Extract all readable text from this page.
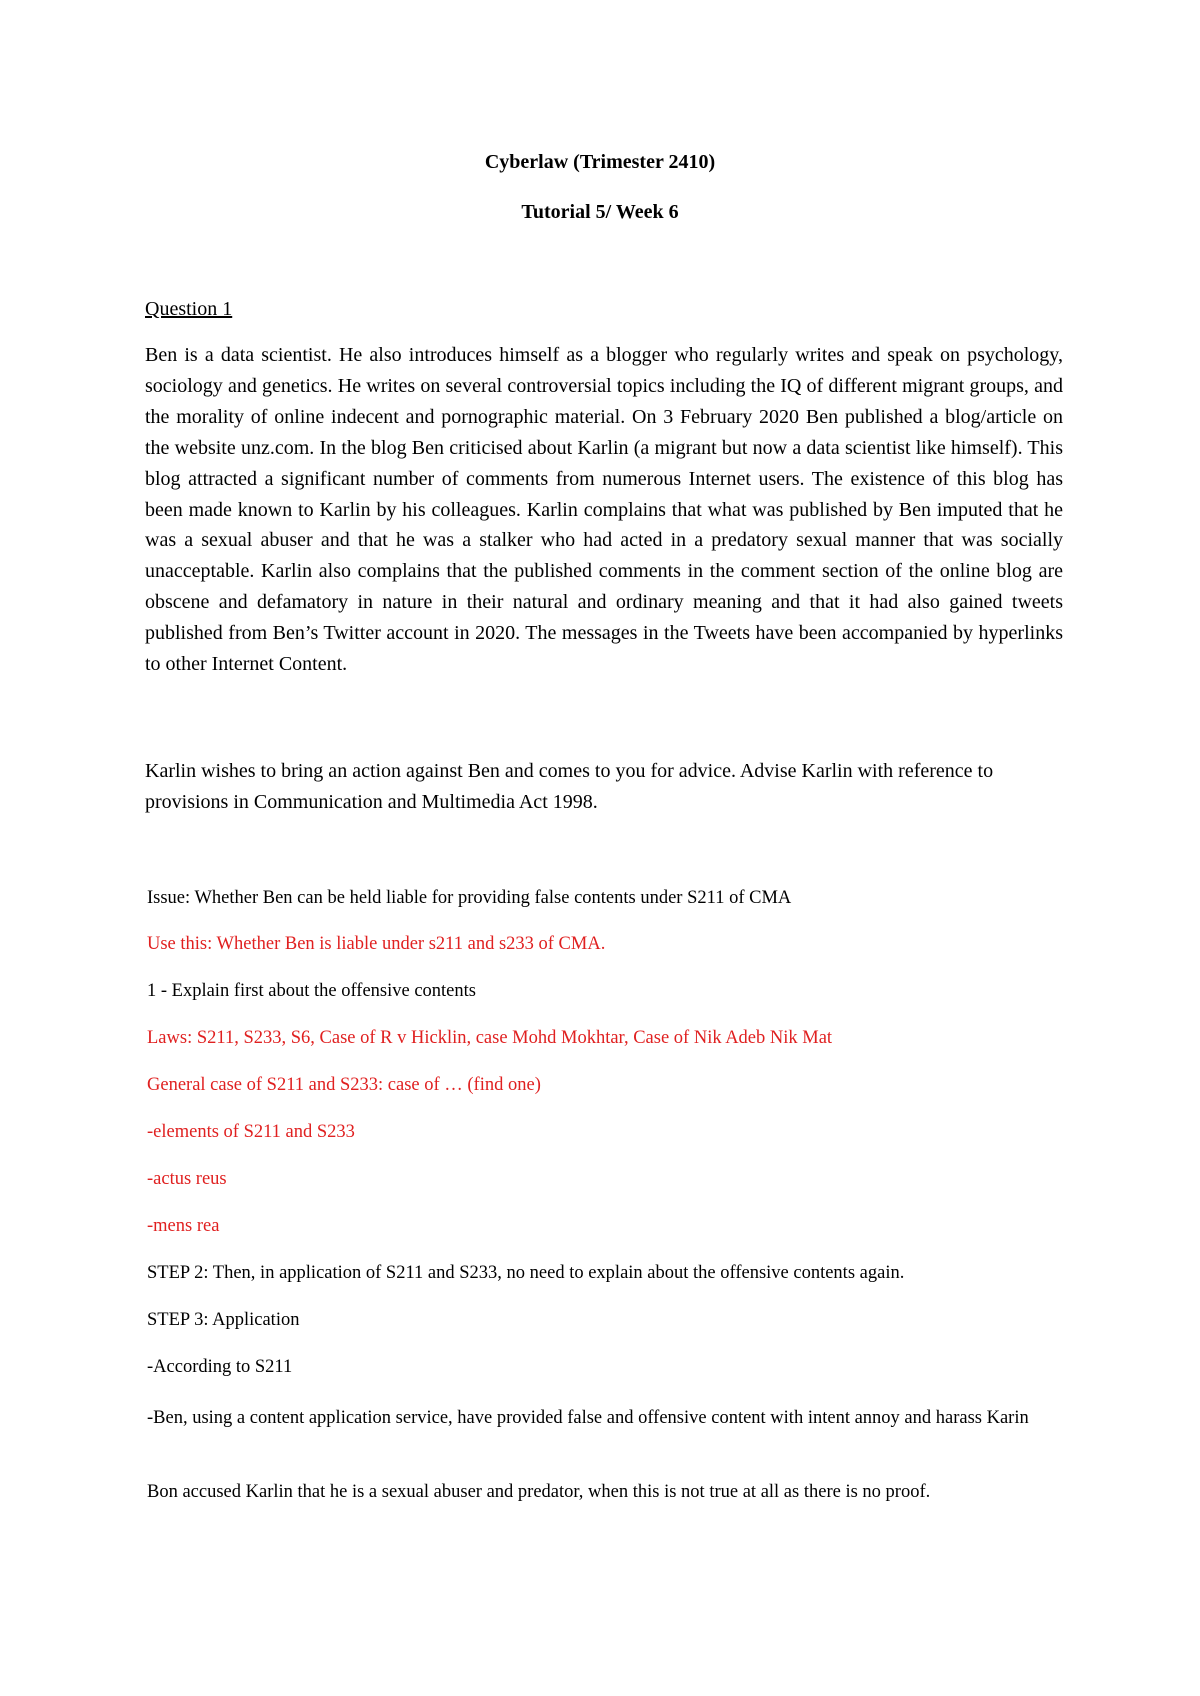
Cyberlaw (Trimester 2410)
Tutorial 5/ Week 6
Question 1

Ben is a data scientist. He also introduces himself as a blogger who regularly writes and speak on psychology, sociology and genetics. He writes on several controversial topics including the IQ of different migrant groups, and the morality of online indecent and pornographic material. On 3 February 2020 Ben published a blog/article on the website unz.com. In the blog Ben criticised about Karlin (a migrant but now a data scientist like himself). This blog attracted a significant number of comments from numerous Internet users. The existence of this blog has been made known to Karlin by his colleagues. Karlin complains that what was published by Ben imputed that he was a sexual abuser and that he was a stalker who had acted in a predatory sexual manner that was socially unacceptable. Karlin also complains that the published comments in the comment section of the online blog are obscene and defamatory in nature in their natural and ordinary meaning and that it had also gained tweets published from Ben’s Twitter account in 2020. The messages in the Tweets have been accompanied by hyperlinks to other Internet Content.

Karlin wishes to bring an action against Ben and comes to you for advice. Advise Karlin with reference to provisions in Communication and Multimedia Act 1998.

Issue: Whether Ben can be held liable for providing false contents under S211 of CMA

Use this: Whether Ben is liable under s211 and s233 of CMA.

1 - Explain first about the offensive contents

Laws: S211, S233, S6, Case of R v Hicklin, case Mohd Mokhtar, Case of Nik Adeb Nik Mat

General case of S211 and S233: case of … (find one)

-elements of S211 and S233

-actus reus

-mens rea

STEP 2: Then, in application of S211 and S233, no need to explain about the offensive contents again.

STEP 3: Application

-According to S211

-Ben, using a content application service, have provided false and offensive content with intent annoy and harass Karin

Bon accused Karlin that he is a sexual abuser and predator, when this is not true at all as there is no proof.
